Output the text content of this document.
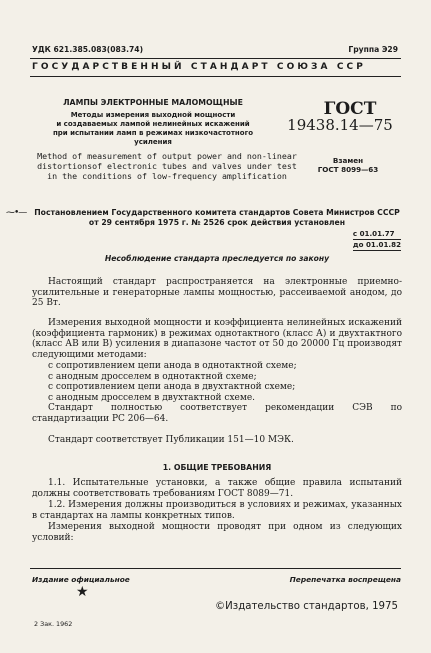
УДК 621.385.083(083.74)	Группа Э29
ГОСУДАРСТВЕННЫЙ СТАНДАРТ СОЮЗА ССР
ЛАМПЫ ЭЛЕКТРОННЫЕ МАЛОМОЩНЫЕ
Методы измерения выходной мощности
и создаваемых лампой нелинейных искажений
при испытании ламп в режимах низкочастотного
усиления
ГОСТ
19438.14—75
Method of measurement of output power and non-linear
distortionsof electronic tubes and valves under test
in the conditions of low-frequency amplification
Взамен
ГОСТ 8099—63
⁓•— Постановлением Государственного комитета стандартов Совета Министров СССР
от 29 сентября 1975 г. № 2526 срок действия установлен
с 01.01.77
до 01.01.82
Несоблюдение стандарта преследуется по закону
Настоящий стандарт распространяется на электронные приемно-усилительные и генераторные лампы мощностью, рассеиваемой анодом, до 25 Вт.
Измерения выходной мощности и коэффициента нелинейных искажений (коэффициента гармоник) в режимах однотактного (класс А) и двухтактного (класс АВ или В) усиления в диапазоне частот от 50 до 20000 Гц производят следующими методами:
с сопротивлением цепи анода в однотактной схеме;
с анодным дросселем в однотактной схеме;
с сопротивлением цепи анода в двухтактной схеме;
с анодным дросселем в двухтактной схеме.
Стандарт полностью соответствует рекомендации СЭВ по стандартизации РС 206—64.
Стандарт соответствует Публикации 151—10 МЭК.
1. ОБЩИЕ ТРЕБОВАНИЯ
1.1. Испытательные установки, а также общие правила испытаний должны соответствовать требованиям ГОСТ 8089—71.
1.2. Измерения должны производиться в условиях и режимах, указанных в стандартах на лампы конкретных типов.
Измерения выходной мощности проводят при одном из следующих условий:
Издание официальное	Перепечатка воспрещена
★
©Издательство стандартов, 1975
2 Зак. 1962
